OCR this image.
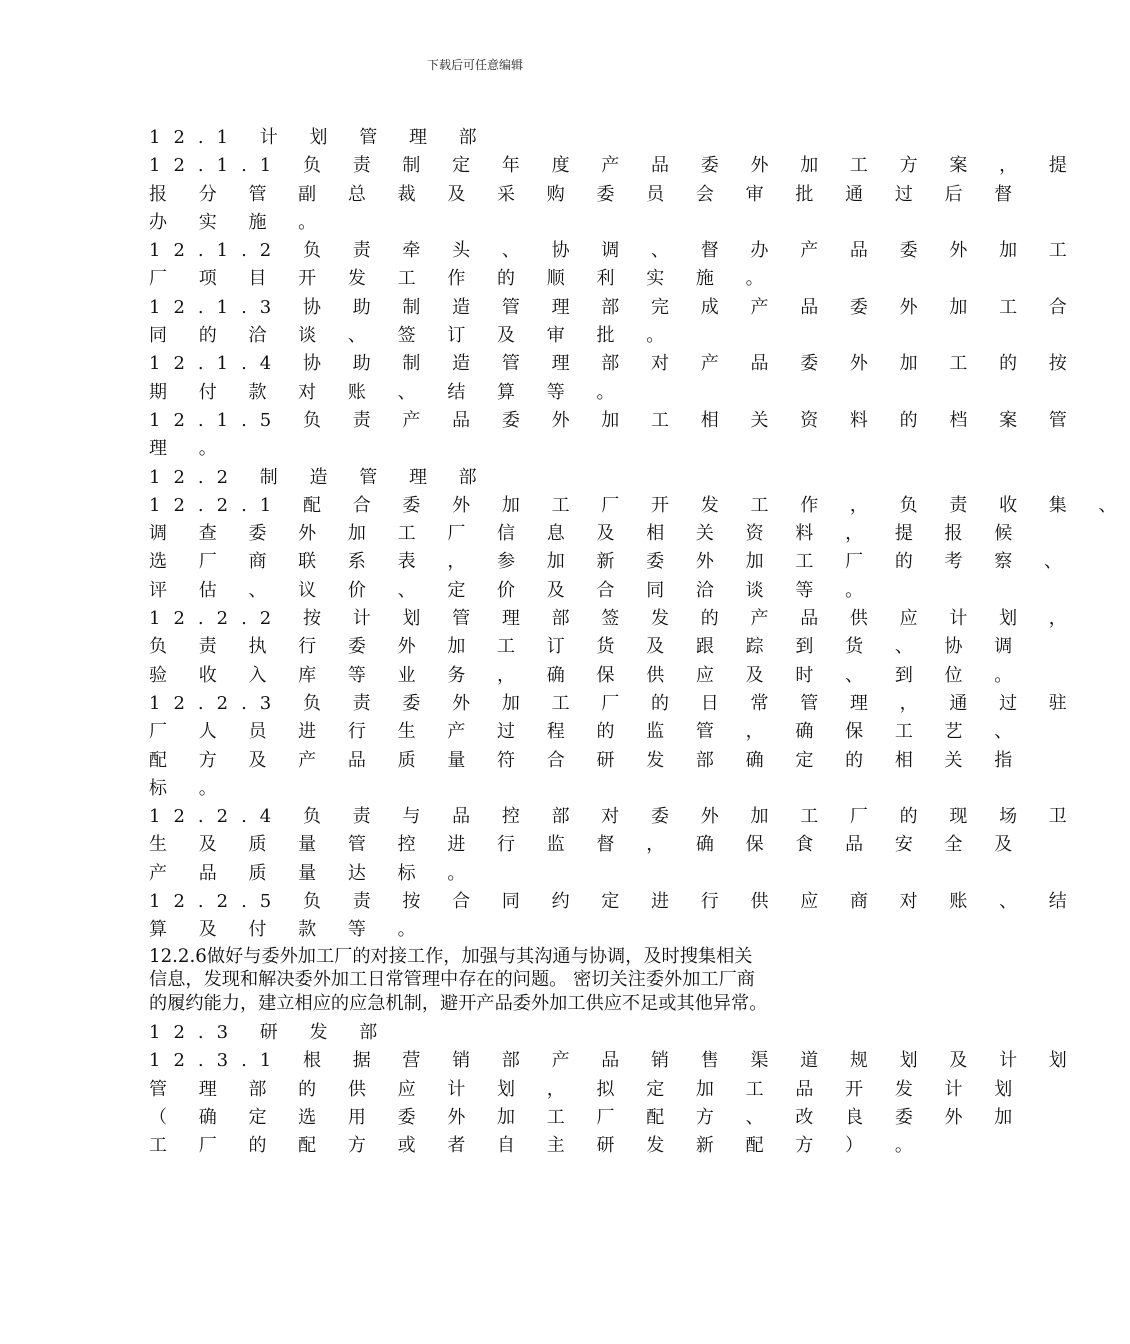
下载后可任意编辑
12.1 计 划 管 理 部
12.1.1 负 责 制 定 年 度 产 品 委 外 加 工 方 案 ， 提
报 分 管 副 总 裁 及 采 购 委 员 会 审 批 通 过 后 督
办 实 施 。
12.1.2 负 责 牵 头 、 协 调 、 督 办 产 品 委 外 加 工
厂 项 目 开 发 工 作 的 顺 利 实 施 。
12.1.3 协 助 制 造 管 理 部 完 成 产 品 委 外 加 工 合
同 的 洽 谈 、 签 订 及 审 批 。
12.1.4 协 助 制 造 管 理 部 对 产 品 委 外 加 工 的 按
期 付 款 对 账 、 结 算 等 。
12.1.5 负 责 产 品 委 外 加 工 相 关 资 料 的 档 案 管
理 。
12.2 制 造 管 理 部
12.2.1 配 合 委 外 加 工 厂 开 发 工 作 ， 负 责 收 集 、
调 查 委 外 加 工 厂 信 息 及 相 关 资 料 ， 提 报 候
选 厂 商 联 系 表 ， 参 加 新 委 外 加 工 厂 的 考 察 、
评 估 、 议 价 、 定 价 及 合 同 洽 谈 等 。
12.2.2 按 计 划 管 理 部 签 发 的 产 品 供 应 计 划 ，
负 责 执 行 委 外 加 工 订 货 及 跟 踪 到 货 、 协 调
验 收 入 库 等 业 务 ， 确 保 供 应 及 时 、 到 位 。
12.2.3 负 责 委 外 加 工 厂 的 日 常 管 理 ， 通 过 驻
厂 人 员 进 行 生 产 过 程 的 监 管 ， 确 保 工 艺 、
配 方 及 产 品 质 量 符 合 研 发 部 确 定 的 相 关 指
标 。
12.2.4 负 责 与 品 控 部 对 委 外 加 工 厂 的 现 场 卫
生 及 质 量 管 控 进 行 监 督 ， 确 保 食 品 安 全 及
产 品 质 量 达 标 。
12.2.5 负 责 按 合 同 约 定 进 行 供 应 商 对 账 、 结
算 及 付 款 等 。
12.2.6做好与委外加工厂的对接工作，加强与其沟通与协调，及时搜集相关
信息，发现和解决委外加工日常管理中存在的问题。 密切关注委外加工厂商
的履约能力，建立相应的应急机制，避开产品委外加工供应不足或其他异常。
12.3 研 发 部
12.3.1 根 据 营 销 部 产 品 销 售 渠 道 规 划 及 计 划
管 理 部 的 供 应 计 划 ， 拟 定 加 工 品 开 发 计 划
（ 确 定 选 用 委 外 加 工 厂 配 方 、 改 良 委 外 加
工 厂 的 配 方 或 者 自 主 研 发 新 配 方 ） 。
